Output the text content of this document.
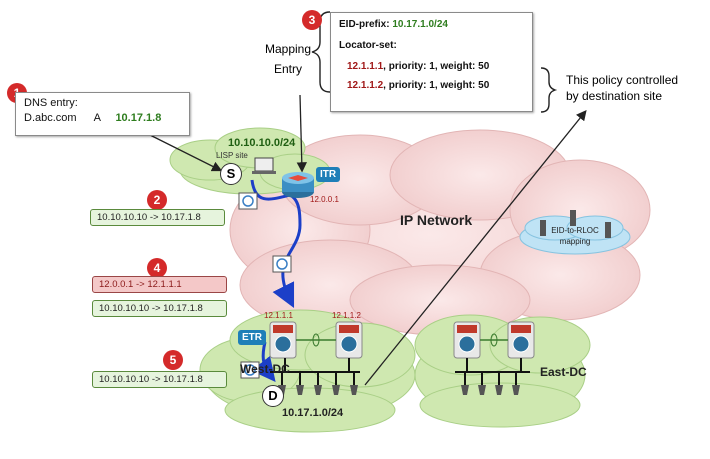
2
3
4
5
DNS entry:
D.abc.com A 10.17.1.8
Mapping
Entry
EID-prefix: 10.17.1.0/24
Locator-set:
12.1.1.1, priority: 1, weight: 50
12.1.1.2, priority: 1, weight: 50	This policy controlled
by destination site
10.10.10.0/24
LISP site
S	ITR
12.0.0.1
IP Network
EID-to-RLOC mapping
10.10.10.10 -> 10.17.1.8
12.0.0.1 -> 12.1.1.1
10.10.10.10 -> 10.17.1.8
10.10.10.10 -> 10.17.1.8
ETR
12.1.1.1	12.1.1.2
West-DC
D
10.17.1.0/24
East-DC
